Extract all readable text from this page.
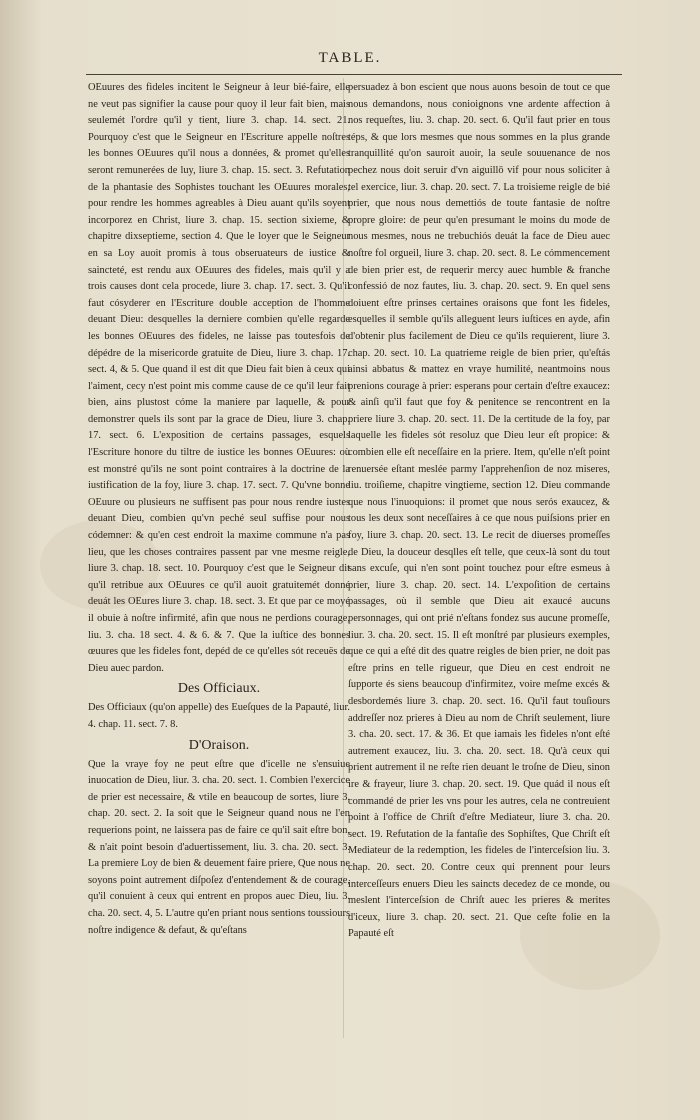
TABLE.

OEuures des fideles incitent le Seigneur à leur bié-faire, elle ne veut pas signifier la cause pour quoy il leur fait bien, mais seulemét l'ordre qu'il y tient, liure 3. chap. 14. sect. 21. Pourquoy c'est que le Seigneur en l'Escriture appelle noſtres les bonnes OEuures qu'il nous a données, & promet qu'elles seront remunerées de luy, liure 3. chap. 15. sect. 3. Refutation de la phantasie des Sophistes touchant les OEuures morales, pour rendre les hommes agreables à Dieu auant qu'ils soyent incorporez en Christ, liure 3. chap. 15. section sixieme, & chapitre dixseptieme, section 4. Que le loyer que le Seigneur en sa Loy auoit promis à tous obseruateurs de iustice & saincteté, est rendu aux OEuures des fideles, mais qu'il y a trois causes dont cela procede, liure 3. chap. 17. sect. 3. Qu'il faut cósyderer en l'Escriture double acception de l'homme deuant Dieu: desquelles la derniere combien qu'elle regarde les bonnes OEuures des fideles, ne laisse pas toutesfois de dépédre de la misericorde gratuite de Dieu, liure 3. chap. 17. sect. 4, & 5. Que quand il est dit que Dieu fait bien à ceux qui l'aiment, cecy n'est point mis comme cause de ce qu'il leur fait bien, ains plustost cóme la maniere par laquelle, & pour demonstrer quels ils sont par la grace de Dieu, liure 3. chap. 17. sect. 6. L'exposition de certains passages, esquels l'Escriture honore du tiltre de iustice les bonnes OEuures: où est monstré qu'ils ne sont point contraires à la doctrine de la iustification de la foy, liure 3. chap. 17. sect. 7. Qu'vne bonne OEuure ou plusieurs ne suffisent pas pour nous rendre iustes deuant Dieu, combien qu'vn peché seul suffise pour nous códemner: & qu'en cest endroit la maxime commune n'a pas lieu, que les choses contraires passent par vne mesme reigle, liure 3. chap. 18. sect. 10. Pourquoy c'est que le Seigneur dit qu'il retribue aux OEuures ce qu'il auoit gratuitemét donné deuát les OEures liure 3. chap. 18. sect. 3. Et que par ce moyé il obuie à noſtre infirmité, afin que nous ne perdions courage, liu. 3. cha. 18 sect. 4. & 6. & 7. Que la iuſtice des bonnes œuures que les fideles font, depéd de ce qu'elles sót receuës de Dieu auec pardon.

Des Officiaux.

Des Officiaux (qu'on appelle) des Eueſques de la Papauté, liur. 4. chap. 11. sect. 7. 8.

D'Oraison.

Que la vraye foy ne peut eſtre que d'icelle ne s'ensuiue inuocation de Dieu, liur. 3. cha. 20. sect. 1. Combien l'exercice de prier est necessaire, & vtile en beaucoup de sortes, liure 3. chap. 20. sect. 2. Ia soit que le Seigneur quand nous ne l'en requerions point, ne laissera pas de faire ce qu'il sait eſtre bon, & n'ait point besoin d'aduertissement, liu. 3. cha. 20. sect. 3. La premiere Loy de bien & deuement faire priere, Que nous ne soyons point autrement diſpoſez d'entendement & de courage, qu'il conuient à ceux qui entrent en propos auec Dieu, liu. 3. cha. 20. sect. 4, 5. L'autre qu'en priant nous sentions toussiours noſtre indigence & defaut, & qu'eſtans

persuadez à bon escient que nous auons besoin de tout ce que nous demandons, nous conioignons vne ardente affection à nos requeſtes, liu. 3. chap. 20. sect. 6. Qu'il faut prier en tous téps, & que lors mesmes que nous sommes en la plus grande tranquillité qu'on sauroit auoir, la seule souuenance de nos pechez nous doit seruir d'vn aiguillō vif pour nous soliciter à tel exercice, liur. 3. chap. 20. sect. 7. La troisieme reigle de bié prier, que nous nous demettiós de toute fantasie de noſtre propre gloire: de peur qu'en presumant le moins du mode de nous mesmes, nous ne trebuchiós deuát la face de Dieu auec noſtre fol orgueil, liure 3. chap. 20. sect. 8. Le cómmencement de bien prier est, de requerir mercy auec humble & franche confessió de noz fautes, liu. 3. chap. 20. sect. 9. En quel sens doiuent eſtre prinses certaines oraisons que font les fideles, esquelles il semble qu'ils alleguent leurs iuſtices en ayde, afin d'obtenir plus facilement de Dieu ce qu'ils requierent, liure 3. chap. 20. sect. 10. La quatrieme reigle de bien prier, qu'eſtás ainsi abbatus & mattez en vraye humilité, neantmoins nous prenions courage à prier: esperans pour certain d'eſtre exaucez: & ainſi qu'il faut que foy & penitence se rencontrent en la priere liure 3. chap. 20. sect. 11. De la certitude de la foy, par laquelle les fideles sót resoluz que Dieu leur eſt propice: & combien elle eſt neceſſaire en la priere. Item, qu'elle n'eſt point renuersée eſtant meslée parmy l'apprehenſion de noz miseres, liu. troiſieme, chapitre vingtieme, section 12. Dieu commande que nous l'inuoquions: il promet que nous serós exaucez, & tous les deux sont neceſſaires à ce que nous puiſsions prier en foy, liure 3. chap. 20. sect. 13. Le recit de diuerses promeſſes de Dieu, la douceur desqlles eſt telle, que ceux-là sont du tout sans excuſe, qui n'en sont point touchez pour eſtre esmeus à prier, liure 3. chap. 20. sect. 14. L'expoſition de certains passages, où il semble que Dieu ait exaucé aucuns personnages, qui ont prié n'eſtans fondez sus aucune promeſſe, liur. 3. cha. 20. sect. 15. Il eſt monſtré par plusieurs exemples, que ce qui a eſté dit des quatre reigles de bien prier, ne doit pas eſtre prins en telle rigueur, que Dieu en cest endroit ne ſupporte és siens beaucoup d'infirmitez, voire meſme excés & desbordemés liure 3. chap. 20. sect. 16. Qu'il faut touſiours addreſſer noz prieres à Dieu au nom de Chriſt seulement, liure 3. cha. 20. sect. 17. & 36. Et que iamais les fideles n'ont eſté autrement exaucez, liu. 3. cha. 20. sect. 18. Qu'à ceux qui prient autrement il ne reſte rien deuant le troſne de Dieu, sinon ire & frayeur, liure 3. chap. 20. sect. 19. Que quád il nous eſt commandé de prier les vns pour les autres, cela ne contreuient point à l'office de Chriſt d'eſtre Mediateur, liure 3. cha. 20. sect. 19. Refutation de la fantaſie des Sophiſtes, Que Chriſt eſt Mediateur de la redemption, les fideles de l'interceſsion liu. 3. chap. 20. sect. 20. Contre ceux qui prennent pour leurs interceſſeurs enuers Dieu les saincts decedez de ce monde, ou meslent l'interceſsion de Chriſt auec les prieres & merites d'iceux, liure 3. chap. 20. sect. 21. Que ceſte folie en la Papauté eſt
